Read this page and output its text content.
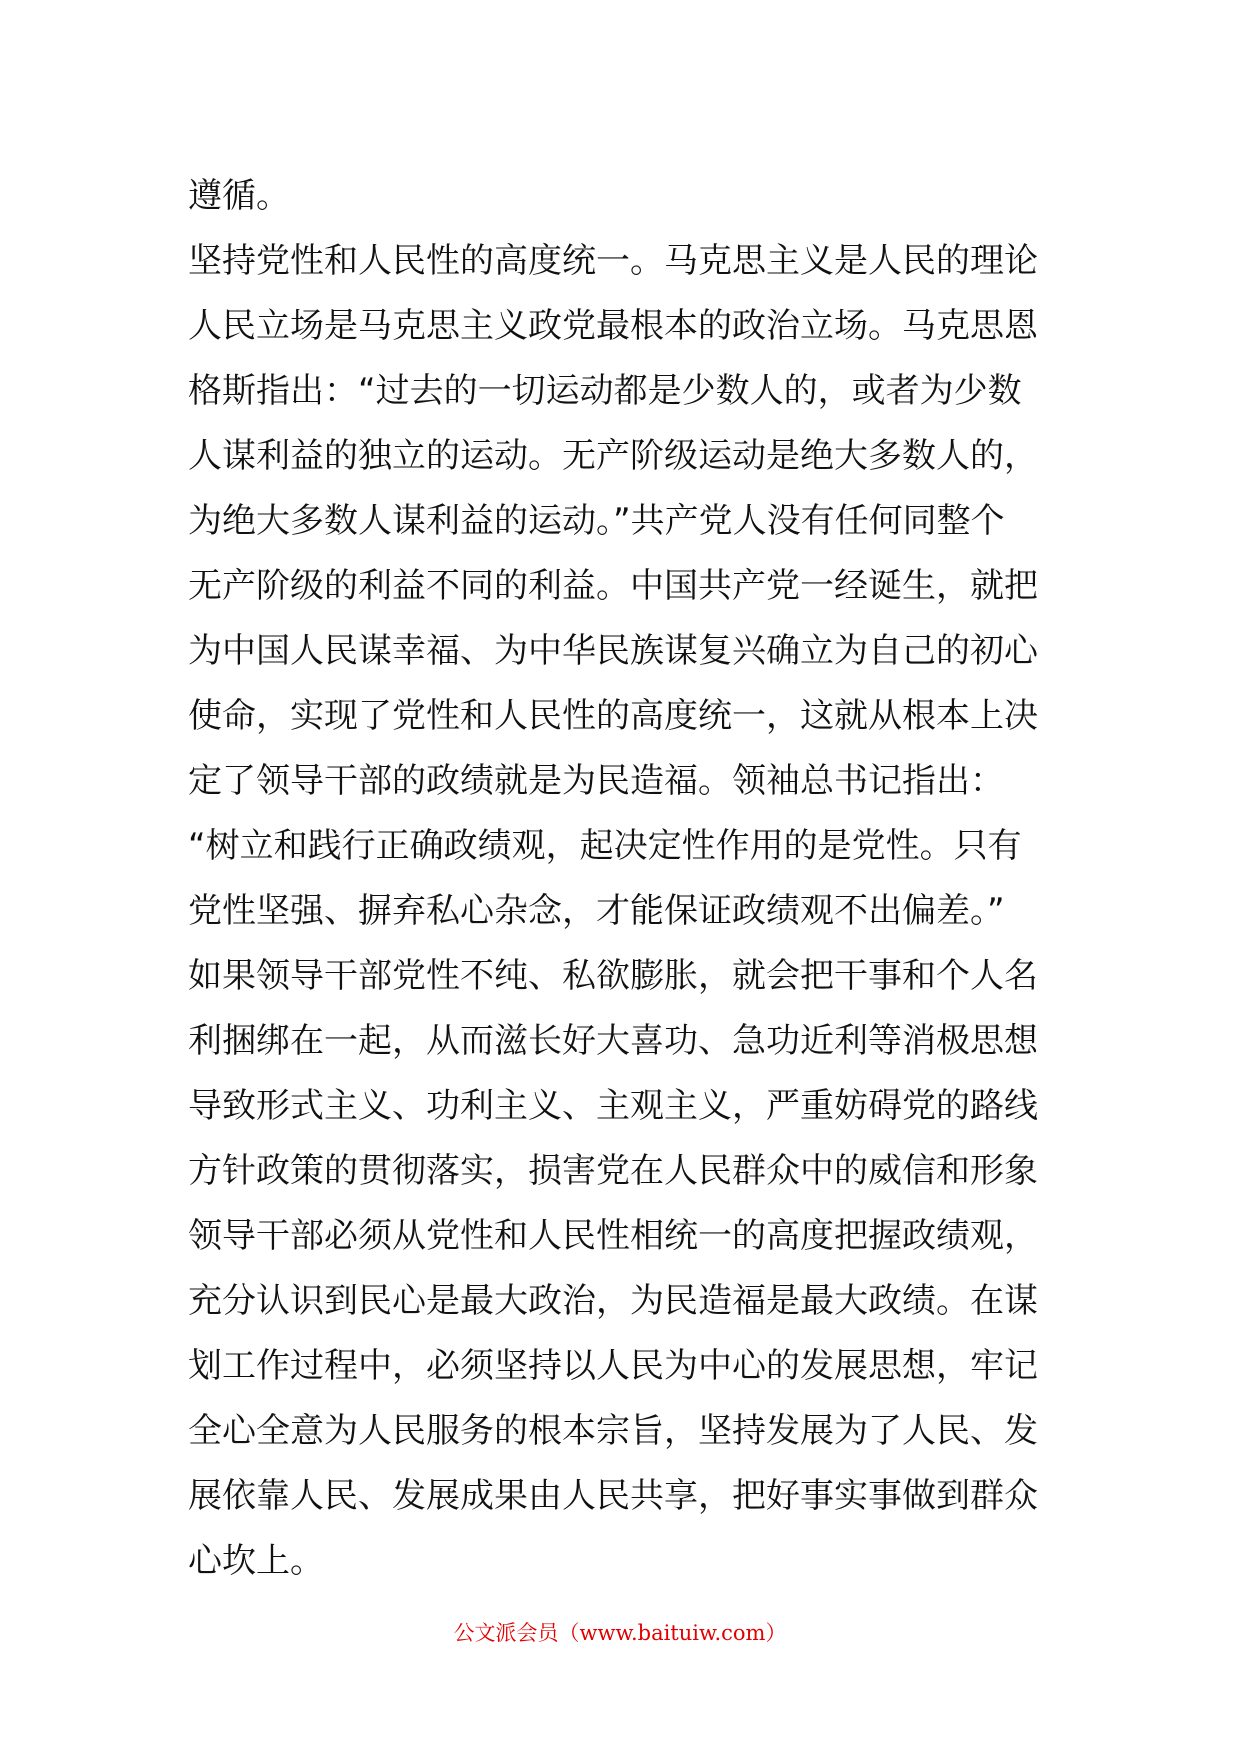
遵循。
坚持党性和人民性的高度统一。马克思主义是人民的理论
人民立场是马克思主义政党最根本的政治立场。马克思恩
格斯指出：“过去的一切运动都是少数人的，或者为少数
人谋利益的独立的运动。无产阶级运动是绝大多数人的，
为绝大多数人谋利益的运动。”共产党人没有任何同整个
无产阶级的利益不同的利益。中国共产党一经诞生，就把
为中国人民谋幸福、为中华民族谋复兴确立为自己的初心
使命，实现了党性和人民性的高度统一，这就从根本上决
定了领导干部的政绩就是为民造福。领袖总书记指出：
“树立和践行正确政绩观，起决定性作用的是党性。只有
党性坚强、摒弃私心杂念，才能保证政绩观不出偏差。”
如果领导干部党性不纯、私欲膨胀，就会把干事和个人名
利捆绑在一起，从而滋长好大喜功、急功近利等消极思想
导致形式主义、功利主义、主观主义，严重妨碍党的路线
方针政策的贯彻落实，损害党在人民群众中的威信和形象
领导干部必须从党性和人民性相统一的高度把握政绩观，
充分认识到民心是最大政治，为民造福是最大政绩。在谋
划工作过程中，必须坚持以人民为中心的发展思想，牢记
全心全意为人民服务的根本宗旨，坚持发展为了人民、发
展依靠人民、发展成果由人民共享，把好事实事做到群众
心坎上。
公文派会员（www.baituiw.com）
